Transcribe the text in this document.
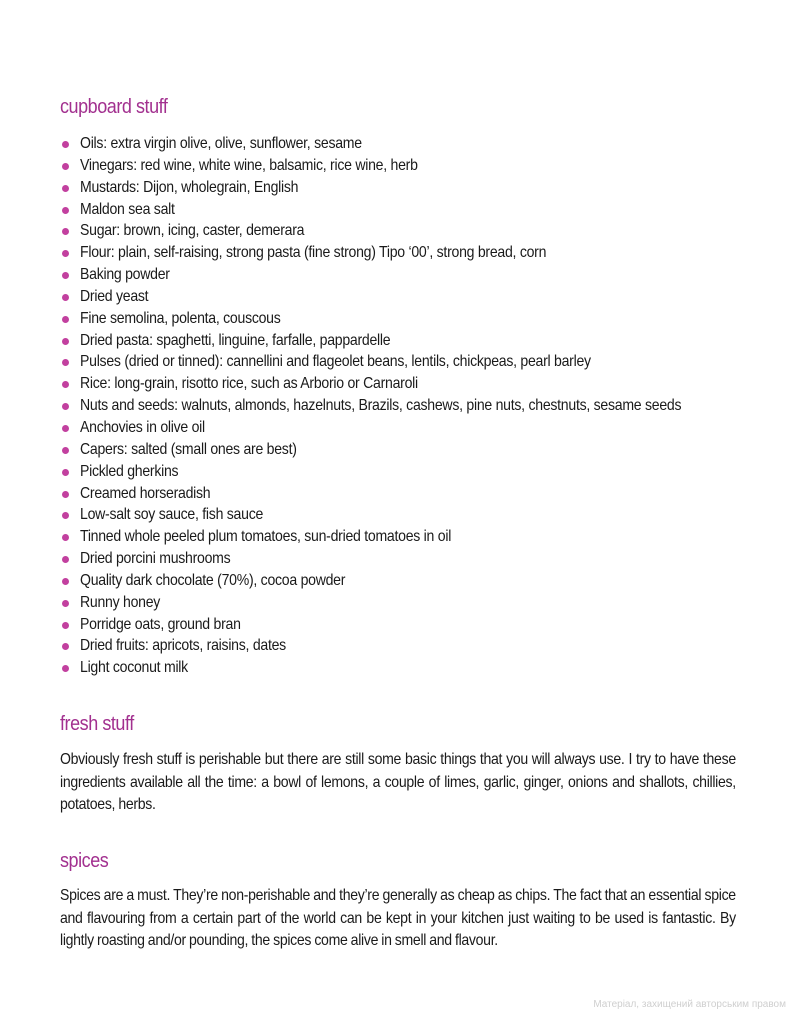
cupboard stuff
Oils: extra virgin olive, olive, sunflower, sesame
Vinegars: red wine, white wine, balsamic, rice wine, herb
Mustards: Dijon, wholegrain, English
Maldon sea salt
Sugar: brown, icing, caster, demerara
Flour: plain, self-raising, strong pasta (fine strong) Tipo ‘00’, strong bread, corn
Baking powder
Dried yeast
Fine semolina, polenta, couscous
Dried pasta: spaghetti, linguine, farfalle, pappardelle
Pulses (dried or tinned): cannellini and flageolet beans, lentils, chickpeas, pearl barley
Rice: long-grain, risotto rice, such as Arborio or Carnaroli
Nuts and seeds: walnuts, almonds, hazelnuts, Brazils, cashews, pine nuts, chestnuts, sesame seeds
Anchovies in olive oil
Capers: salted (small ones are best)
Pickled gherkins
Creamed horseradish
Low-salt soy sauce, fish sauce
Tinned whole peeled plum tomatoes, sun-dried tomatoes in oil
Dried porcini mushrooms
Quality dark chocolate (70%), cocoa powder
Runny honey
Porridge oats, ground bran
Dried fruits: apricots, raisins, dates
Light coconut milk
fresh stuff

Obviously fresh stuff is perishable but there are still some basic things that you will always use. I try to have these ingredients available all the time: a bowl of lemons, a couple of limes, garlic, ginger, onions and shallots, chillies, potatoes, herbs.

spices

Spices are a must. They’re non-perishable and they’re generally as cheap as chips. The fact that an essential spice and flavouring from a certain part of the world can be kept in your kitchen just waiting to be used is fantastic. By lightly roasting and/or pounding, the spices come alive in smell and flavour.

Матеріал, захищений авторським правом
